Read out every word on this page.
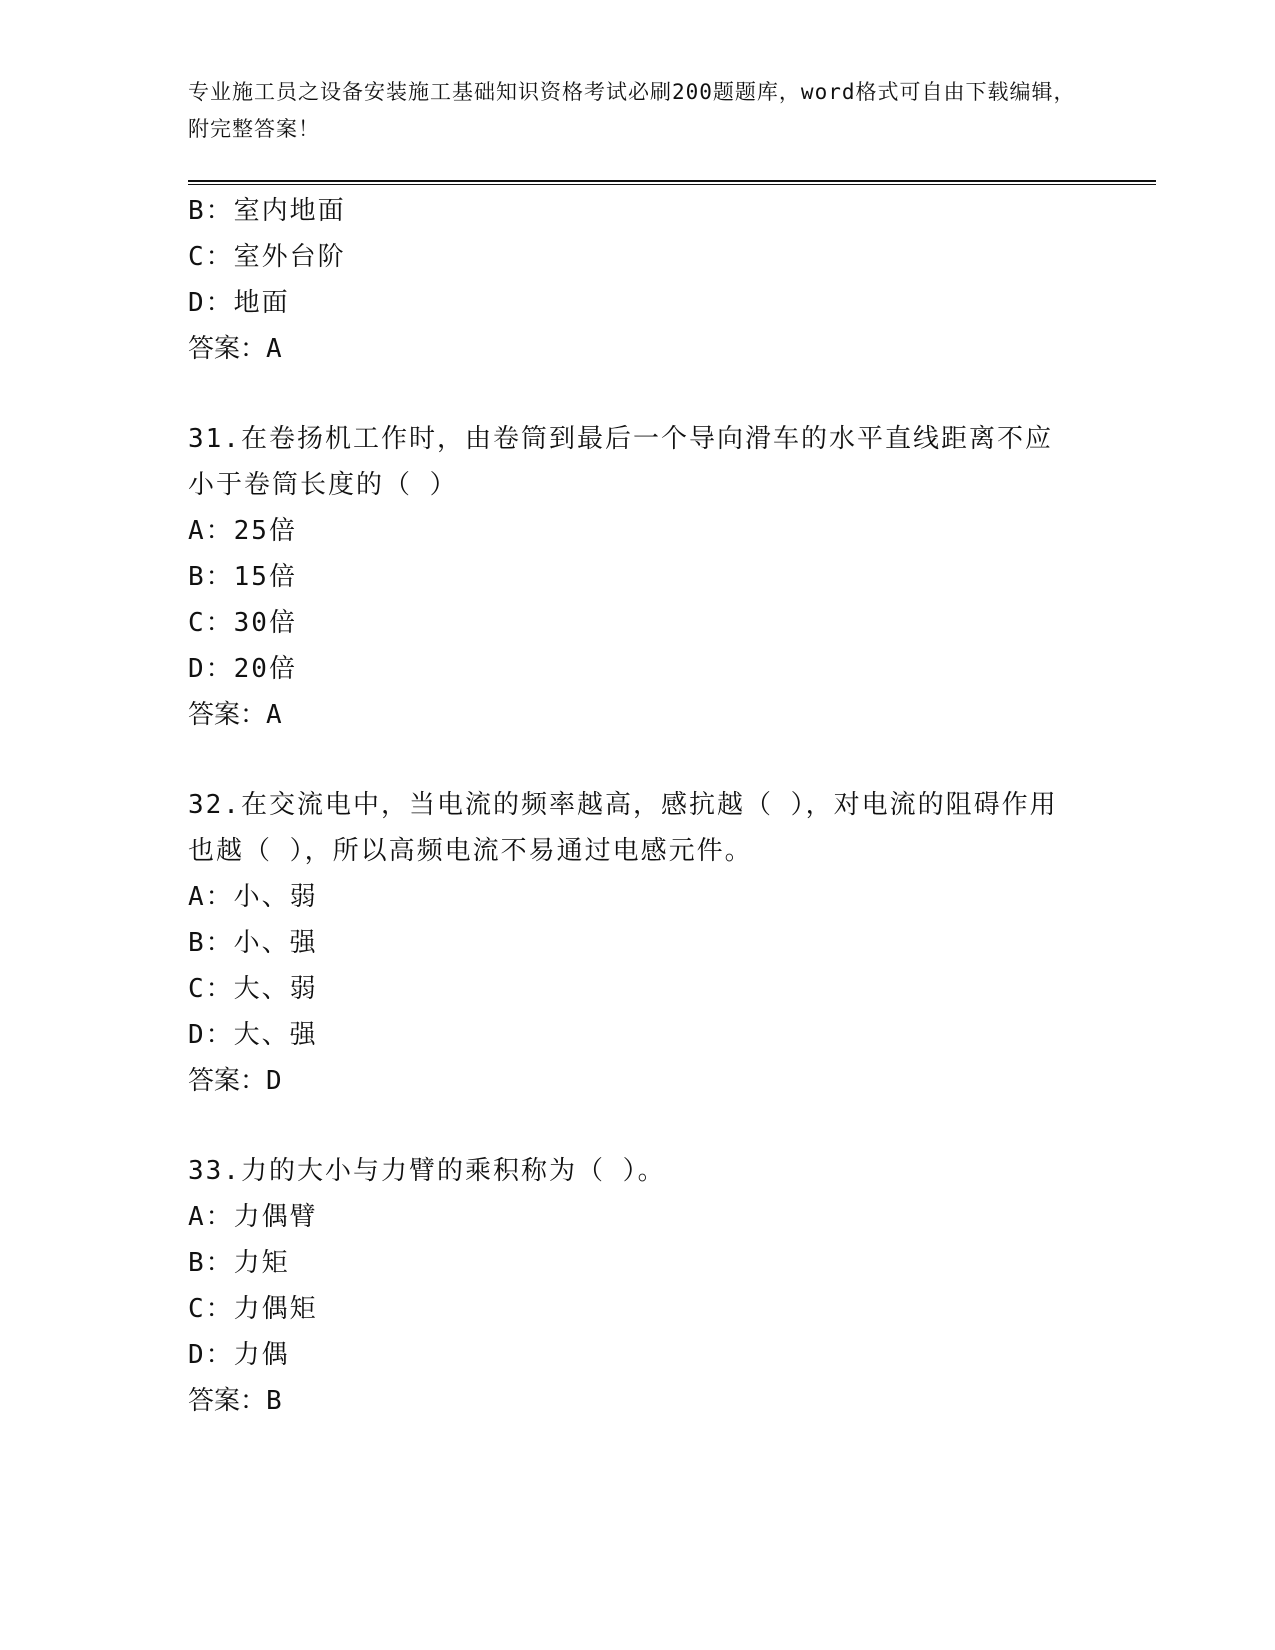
专业施工员之设备安装施工基础知识资格考试必刷200题题库，word格式可自由下载编辑，附完整答案！
B：室内地面
C：室外台阶
D：地面
答案：A
31.在卷扬机工作时，由卷筒到最后一个导向滑车的水平直线距离不应小于卷筒长度的（ ）
A：25倍
B：15倍
C：30倍
D：20倍
答案：A
32.在交流电中，当电流的频率越高，感抗越（ ），对电流的阻碍作用也越（ ），所以高频电流不易通过电感元件。
A：小、弱
B：小、强
C：大、弱
D：大、强
答案：D
33.力的大小与力臂的乘积称为（ ）。
A：力偶臂
B：力矩
C：力偶矩
D：力偶
答案：B
